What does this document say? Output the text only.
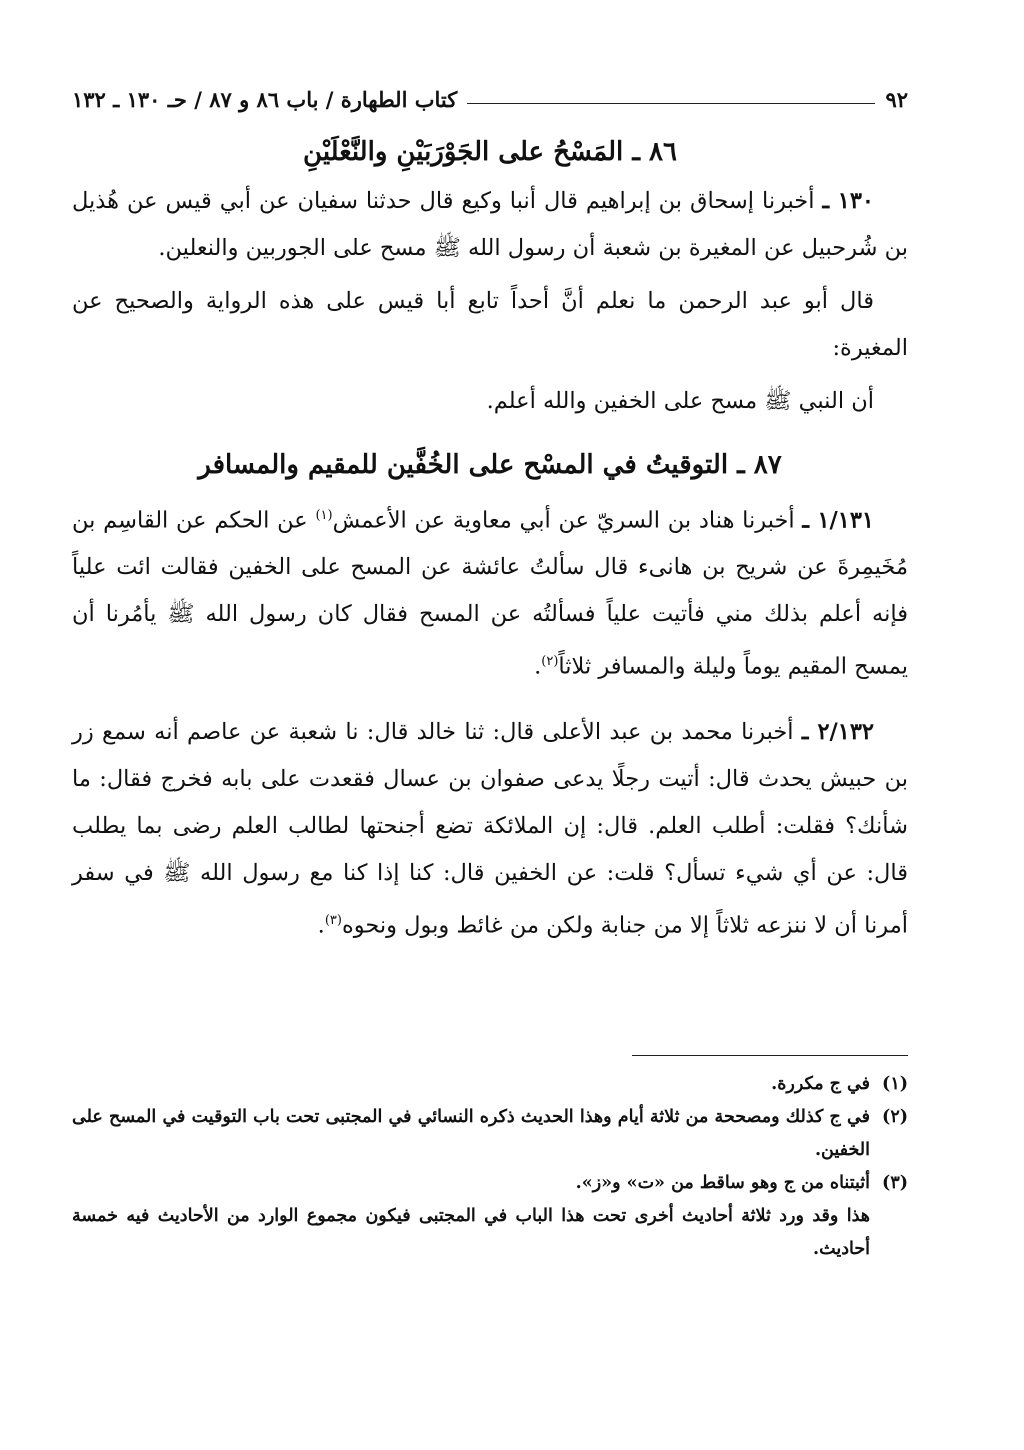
٩٢
كتاب الطهارة / باب ٨٦ و ٨٧ / حـ ١٣٠ ـ ١٣٢
٨٦ ـ المَسْحُ على الجَوْرَبَيْنِ والنَّعْلَيْنِ

١٣٠ ـ أخبرنا إسحاق بن إبراهيم قال أنبا وكيع قال حدثنا سفيان عن أبي قيس عن هُذيل بن شُرحبيل عن المغيرة بن شعبة أن رسول الله ﷺ مسح على الجوربين والنعلين.

قال أبو عبد الرحمن ما نعلم أنَّ أحداً تابع أبا قيس على هذه الرواية والصحيح عن المغيرة:

أن النبي ﷺ مسح على الخفين والله أعلم.

٨٧ ـ التوقيتُ في المسْح على الخُفَّين للمقيم والمسافر

١/١٣١ ـ أخبرنا هناد بن السريّ عن أبي معاوية عن الأعمش$^{(١)}$ عن الحكم عن القاسِم بن مُخَيمِرةَ عن شريح بن هانىء قال سألتُ عائشة عن المسح على الخفين فقالت ائت علياً فإنه أعلم بذلك مني فأتيت علياً فسألتُه عن المسح فقال كان رسول الله ﷺ يأمُرنا أن يمسح المقيم يوماً وليلة والمسافر ثلاثاً$^{(٢)}$.

٢/١٣٢ ـ أخبرنا محمد بن عبد الأعلى قال: ثنا خالد قال: نا شعبة عن عاصم أنه سمع زر بن حبيش يحدث قال: أتيت رجلًا يدعى صفوان بن عسال فقعدت على بابه فخرج فقال: ما شأنك؟ فقلت: أطلب العلم. قال: إن الملائكة تضع أجنحتها لطالب العلم رضى بما يطلب قال: عن أي شيء تسأل؟ قلت: عن الخفين قال: كنا إذا كنا مع رسول الله ﷺ في سفر أمرنا أن لا ننزعه ثلاثاً إلا من جنابة ولكن من غائط وبول ونحوه$^{(٣)}$.

(١)
في ج مكررة.
(٢)
في ج كذلك ومصححة من ثلاثة أيام وهذا الحديث ذكره النسائي في المجتبى تحت باب التوقيت في المسح على الخفين.
(٣)
أثبتناه من ج وهو ساقط من «ت» و«ز».
هذا وقد ورد ثلاثة أحاديث أخرى تحت هذا الباب في المجتبى فيكون مجموع الوارد من الأحاديث فيه خمسة أحاديث.
